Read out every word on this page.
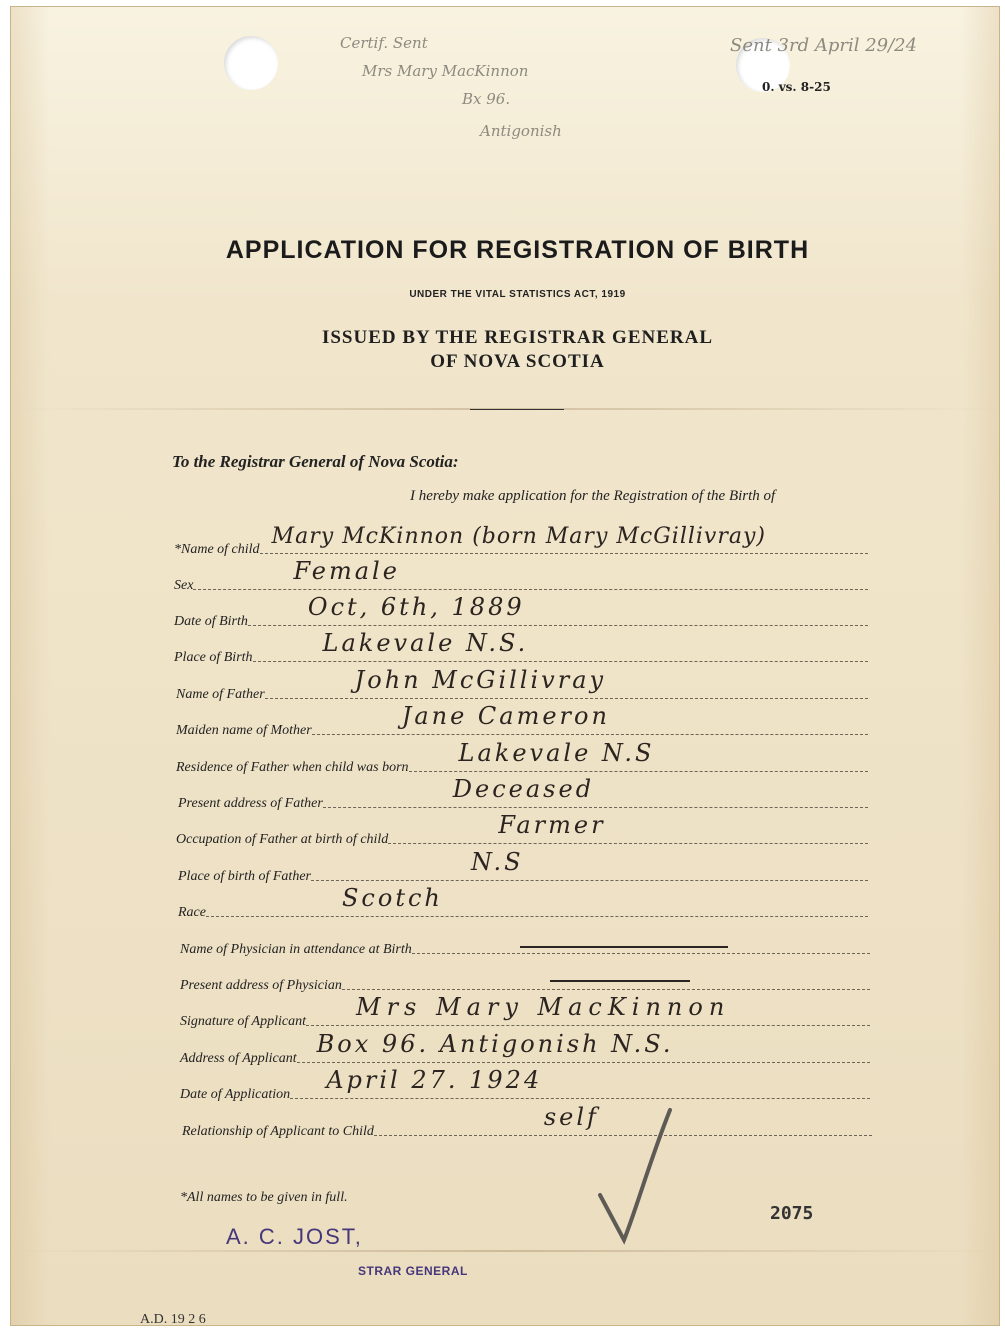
Certif. Sent
Mrs Mary MacKinnon
Bx 96.
Antigonish
Sent 3rd April 29/24
0. vs. 8-25
APPLICATION FOR REGISTRATION OF BIRTH
UNDER THE VITAL STATISTICS ACT, 1919
ISSUED BY THE REGISTRAR GENERAL
OF NOVA SCOTIA
To the Registrar General of Nova Scotia:
I hereby make application for the Registration of the Birth of
*Name of child
Mary McKinnon (born Mary McGillivray)
Sex
Female
Date of Birth
Oct, 6th, 1889
Place of Birth
Lakevale N.S.
Name of Father
John McGillivray
Maiden name of Mother
Jane Cameron
Residence of Father when child was born
Lakevale N.S
Present address of Father
Deceased
Occupation of Father at birth of child
Farmer
Place of birth of Father
N.S
Race
Scotch
Name of Physician in attendance at Birth
Present address of Physician
Signature of Applicant
Mrs Mary MacKinnon
Address of Applicant
Box 96. Antigonish N.S.
Date of Application
April 27. 1924
Relationship of Applicant to Child
self
*All names to be given in full.
2075
A. C. JOST,
STRAR GENERAL
A.D. 19 2 6
